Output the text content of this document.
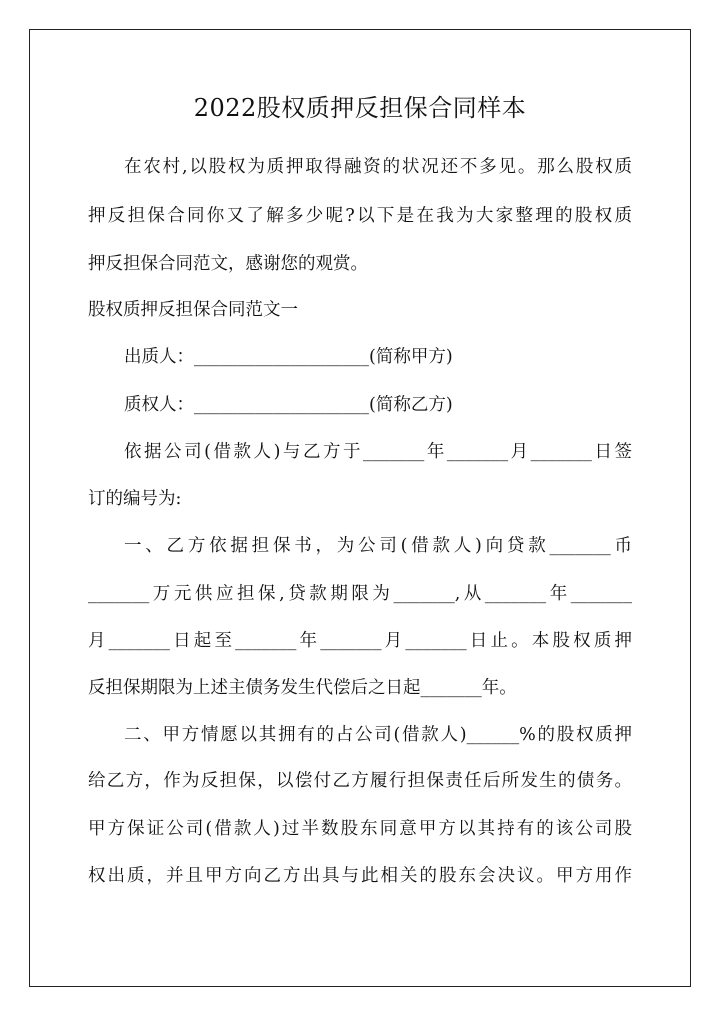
2022股权质押反担保合同样本

在农村,以股权为质押取得融资的状况还不多见。那么股权质

押反担保合同你又了解多少呢?以下是在我为大家整理的股权质

押反担保合同范文，感谢您的观赏。

股权质押反担保合同范文一

出质人：____________________(简称甲方)

质权人：____________________(简称乙方)

依据公司(借款人)与乙方于_______年_______月_______日签

订的编号为:

一、乙方依据担保书，为公司(借款人)向贷款_______币

_______万元供应担保,贷款期限为_______,从_______年_______

月_______日起至_______年_______月_______日止。本股权质押

反担保期限为上述主债务发生代偿后之日起_______年。

二、甲方情愿以其拥有的占公司(借款人)______%的股权质押

给乙方，作为反担保，以偿付乙方履行担保责任后所发生的债务。

甲方保证公司(借款人)过半数股东同意甲方以其持有的该公司股

权出质，并且甲方向乙方出具与此相关的股东会决议。甲方用作
